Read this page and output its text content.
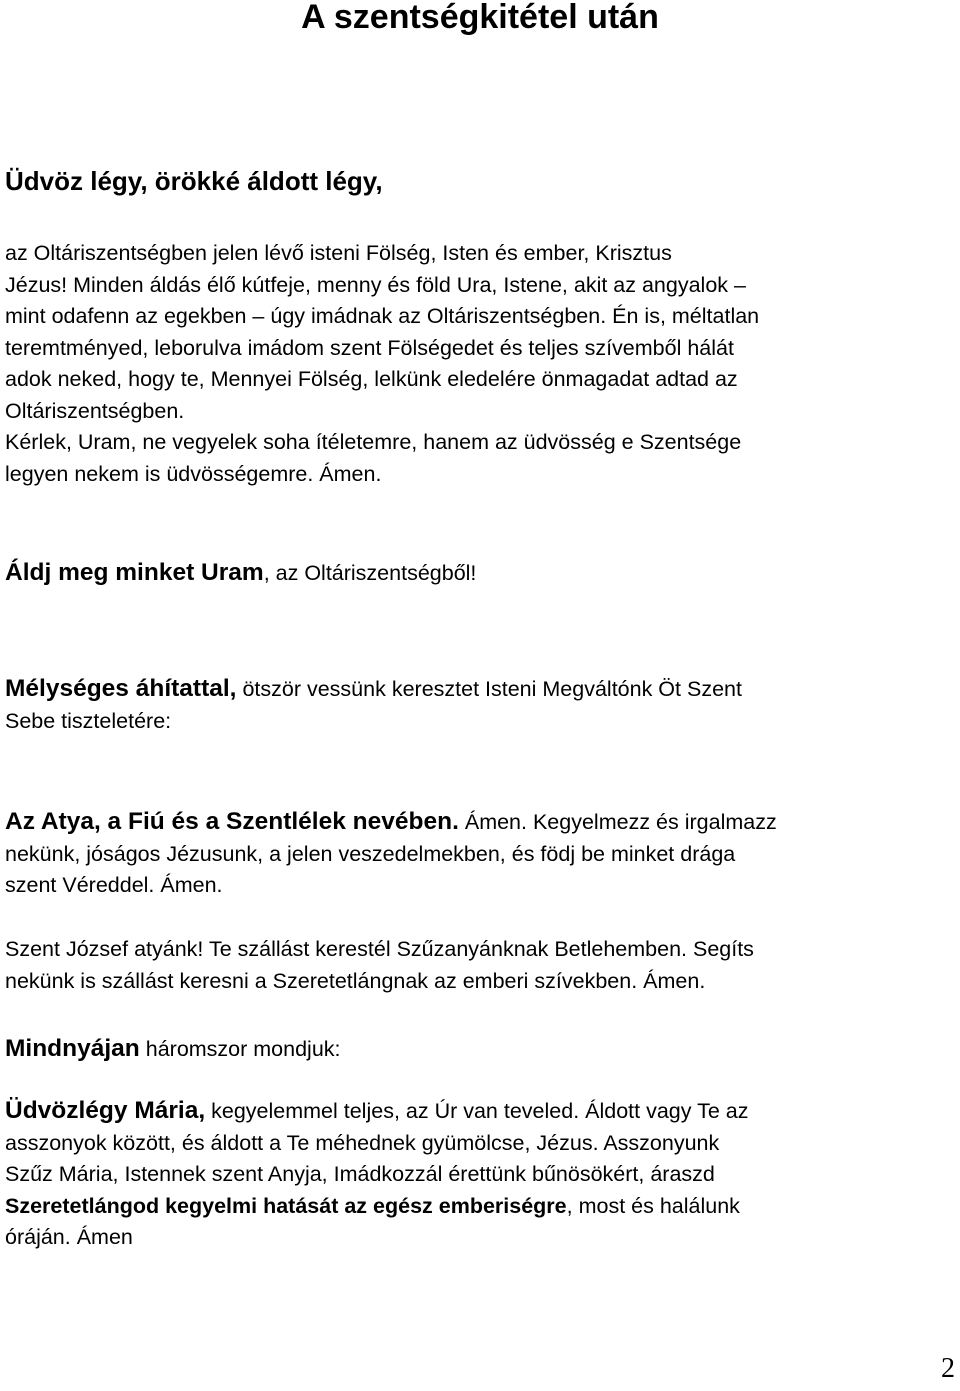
A szentségkitétel után
Üdvöz légy, örökké áldott légy,
az Oltáriszentségben jelen lévő isteni Fölség, Isten és ember, Krisztus
Jézus! Minden áldás élő kútfeje, menny és föld Ura, Istene, akit az angyalok –
mint odafenn az egekben – úgy imádnak az Oltáriszentségben. Én is, méltatlan
teremtményed, leborulva imádom szent Fölségedet és teljes szívemből hálát
adok neked, hogy te, Mennyei Fölség, lelkünk eledelére önmagadat adtad az
Oltáriszentségben.
Kérlek, Uram, ne vegyelek soha ítéletemre, hanem az üdvösség e Szentsége
legyen nekem is üdvösségemre. Ámen.
Áldj meg minket Uram, az Oltáriszentségből!
Mélységes áhítattal, ötször vessünk keresztet Isteni Megváltónk Öt Szent
Sebe tiszteletére:
Az Atya, a Fiú és a Szentlélek nevében. Ámen. Kegyelmezz és irgalmazz
nekünk, jóságos Jézusunk, a jelen veszedelmekben, és födj be minket drága
szent Véreddel. Ámen.
Szent József atyánk! Te szállást kerestél Szűzanyánknak Betlehemben. Segíts
nekünk is szállást keresni a Szeretetlángnak az emberi szívekben. Ámen.
Mindnyájan háromszor mondjuk:
Üdvözlégy Mária, kegyelemmel teljes, az Úr van teveled. Áldott vagy Te az
asszonyok között, és áldott a Te méhednek gyümölcse, Jézus. Asszonyunk
Szűz Mária, Istennek szent Anyja, Imádkozzál érettünk bűnösökért, áraszd
Szeretetlángod kegyelmi hatását az egész emberiségre, most és halálunk
óráján. Ámen
2
